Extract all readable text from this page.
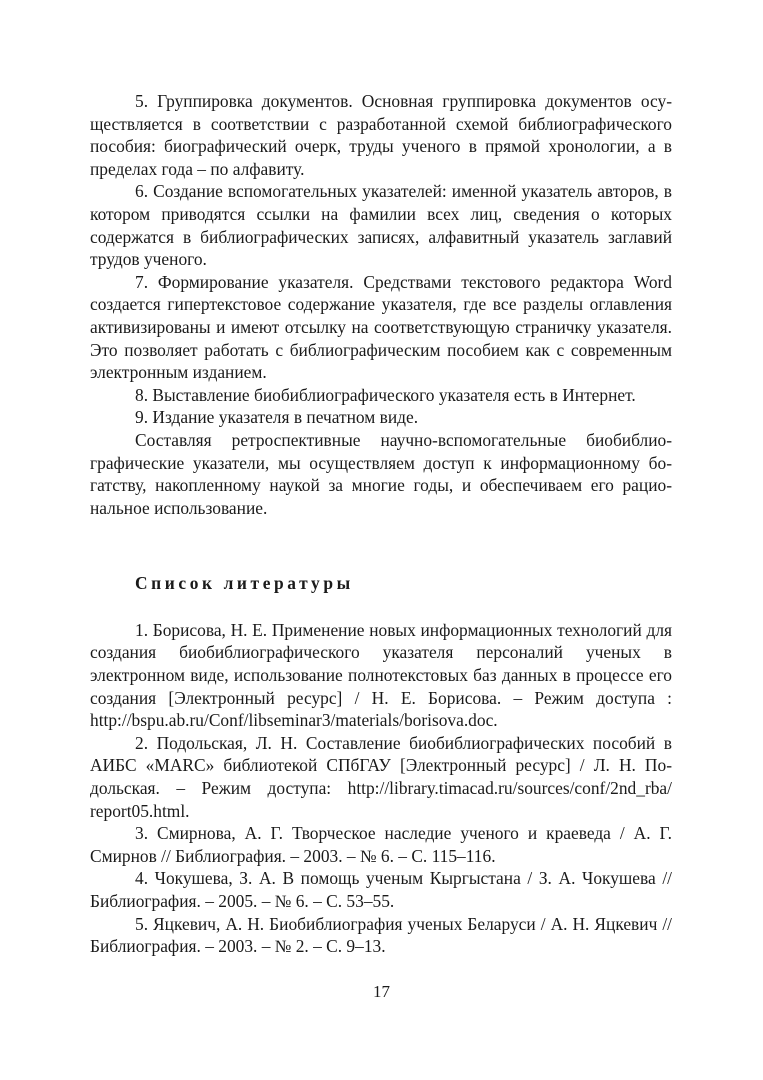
5. Группировка документов. Основная группировка документов осуществляется в соответствии с разработанной схемой библиографического пособия: биографический очерк, труды ученого в прямой хронологии, а в пределах года – по алфавиту.

6. Создание вспомогательных указателей: именной указатель авторов, в котором приводятся ссылки на фамилии всех лиц, сведения о которых содержатся в библиографических записях, алфавитный указатель заглавий трудов ученого.

7. Формирование указателя. Средствами текстового редактора Word создается гипертекстовое содержание указателя, где все разделы оглавления активизированы и имеют отсылку на соответствующую страничку указателя. Это позволяет работать с библиографическим пособием как с современным электронным изданием.

8. Выставление биобиблиографического указателя есть в Интернет.

9. Издание указателя в печатном виде.

Составляя ретроспективные научно-вспомогательные биобиблиографические указатели, мы осуществляем доступ к информационному богатству, накопленному наукой за многие годы, и обеспечиваем его рациональное использование.

Список литературы

1. Борисова, Н. Е. Применение новых информационных технологий для создания биобиблиографического указателя персоналий ученых в электронном виде, использование полнотекстовых баз данных в процессе его создания [Электронный ресурс] / Н. Е. Борисова. – Режим доступа : http://bspu.ab.ru/Conf/libseminar3/materials/borisova.doc.

2. Подольская, Л. Н. Составление биобиблиографических пособий в АИБС «MARC» библиотекой СПбГАУ [Электронный ресурс] / Л. Н. Подольская. – Режим доступа: http://library.timacad.ru/sources/conf/2nd_rba/​report05.html.

3. Смирнова, А. Г. Творческое наследие ученого и краеведа / А. Г. Смирнов // Библиография. – 2003. – № 6. – С. 115–116.

4. Чокушева, З. А. В помощь ученым Кыргыстана / З. А. Чокушева // Библиография. – 2005. – № 6. – С. 53–55.

5. Яцкевич, А. Н. Биобиблиография ученых Беларуси / А. Н. Яцкевич // Библиография. – 2003. – № 2. – С. 9–13.

17
